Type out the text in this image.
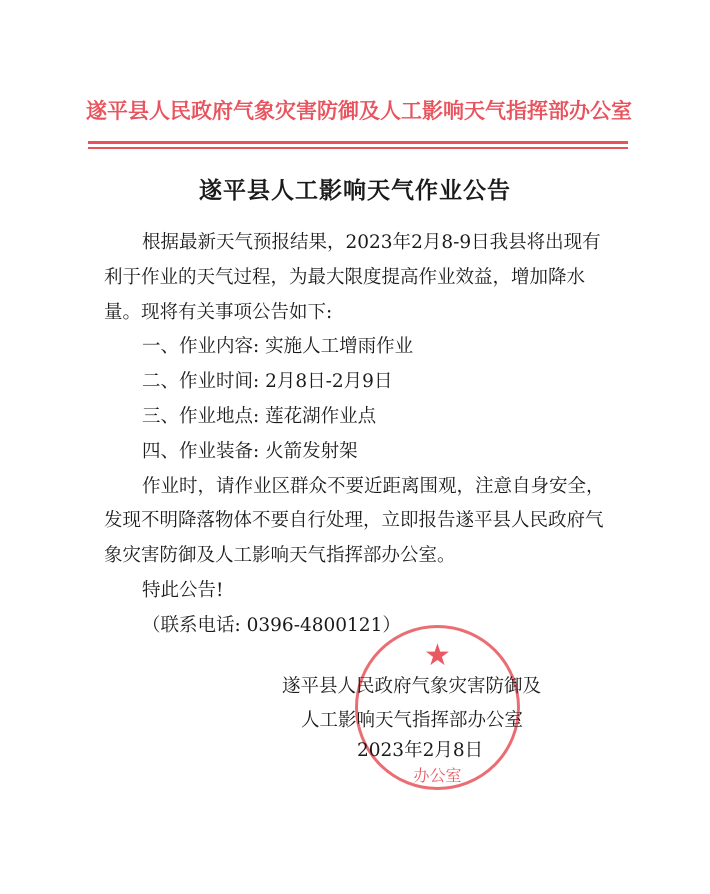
遂平县人民政府气象灾害防御及人工影响天气指挥部办公室
遂平县人工影响天气作业公告

根据最新天气预报结果，2023年2月8-9日我县将出现有利于作业的天气过程，为最大限度提高作业效益，增加降水量。现将有关事项公告如下:

一、作业内容: 实施人工增雨作业

二、作业时间: 2月8日-2月9日

三、作业地点: 莲花湖作业点

四、作业装备: 火箭发射架

作业时，请作业区群众不要近距离围观，注意自身安全，发现不明降落物体不要自行处理，立即报告遂平县人民政府气象灾害防御及人工影响天气指挥部办公室。

特此公告!

（联系电话: 0396-4800121）

★
办公室
遂平县人民政府气象灾害防御及
人工影响天气指挥部办公室
2023年2月8日
